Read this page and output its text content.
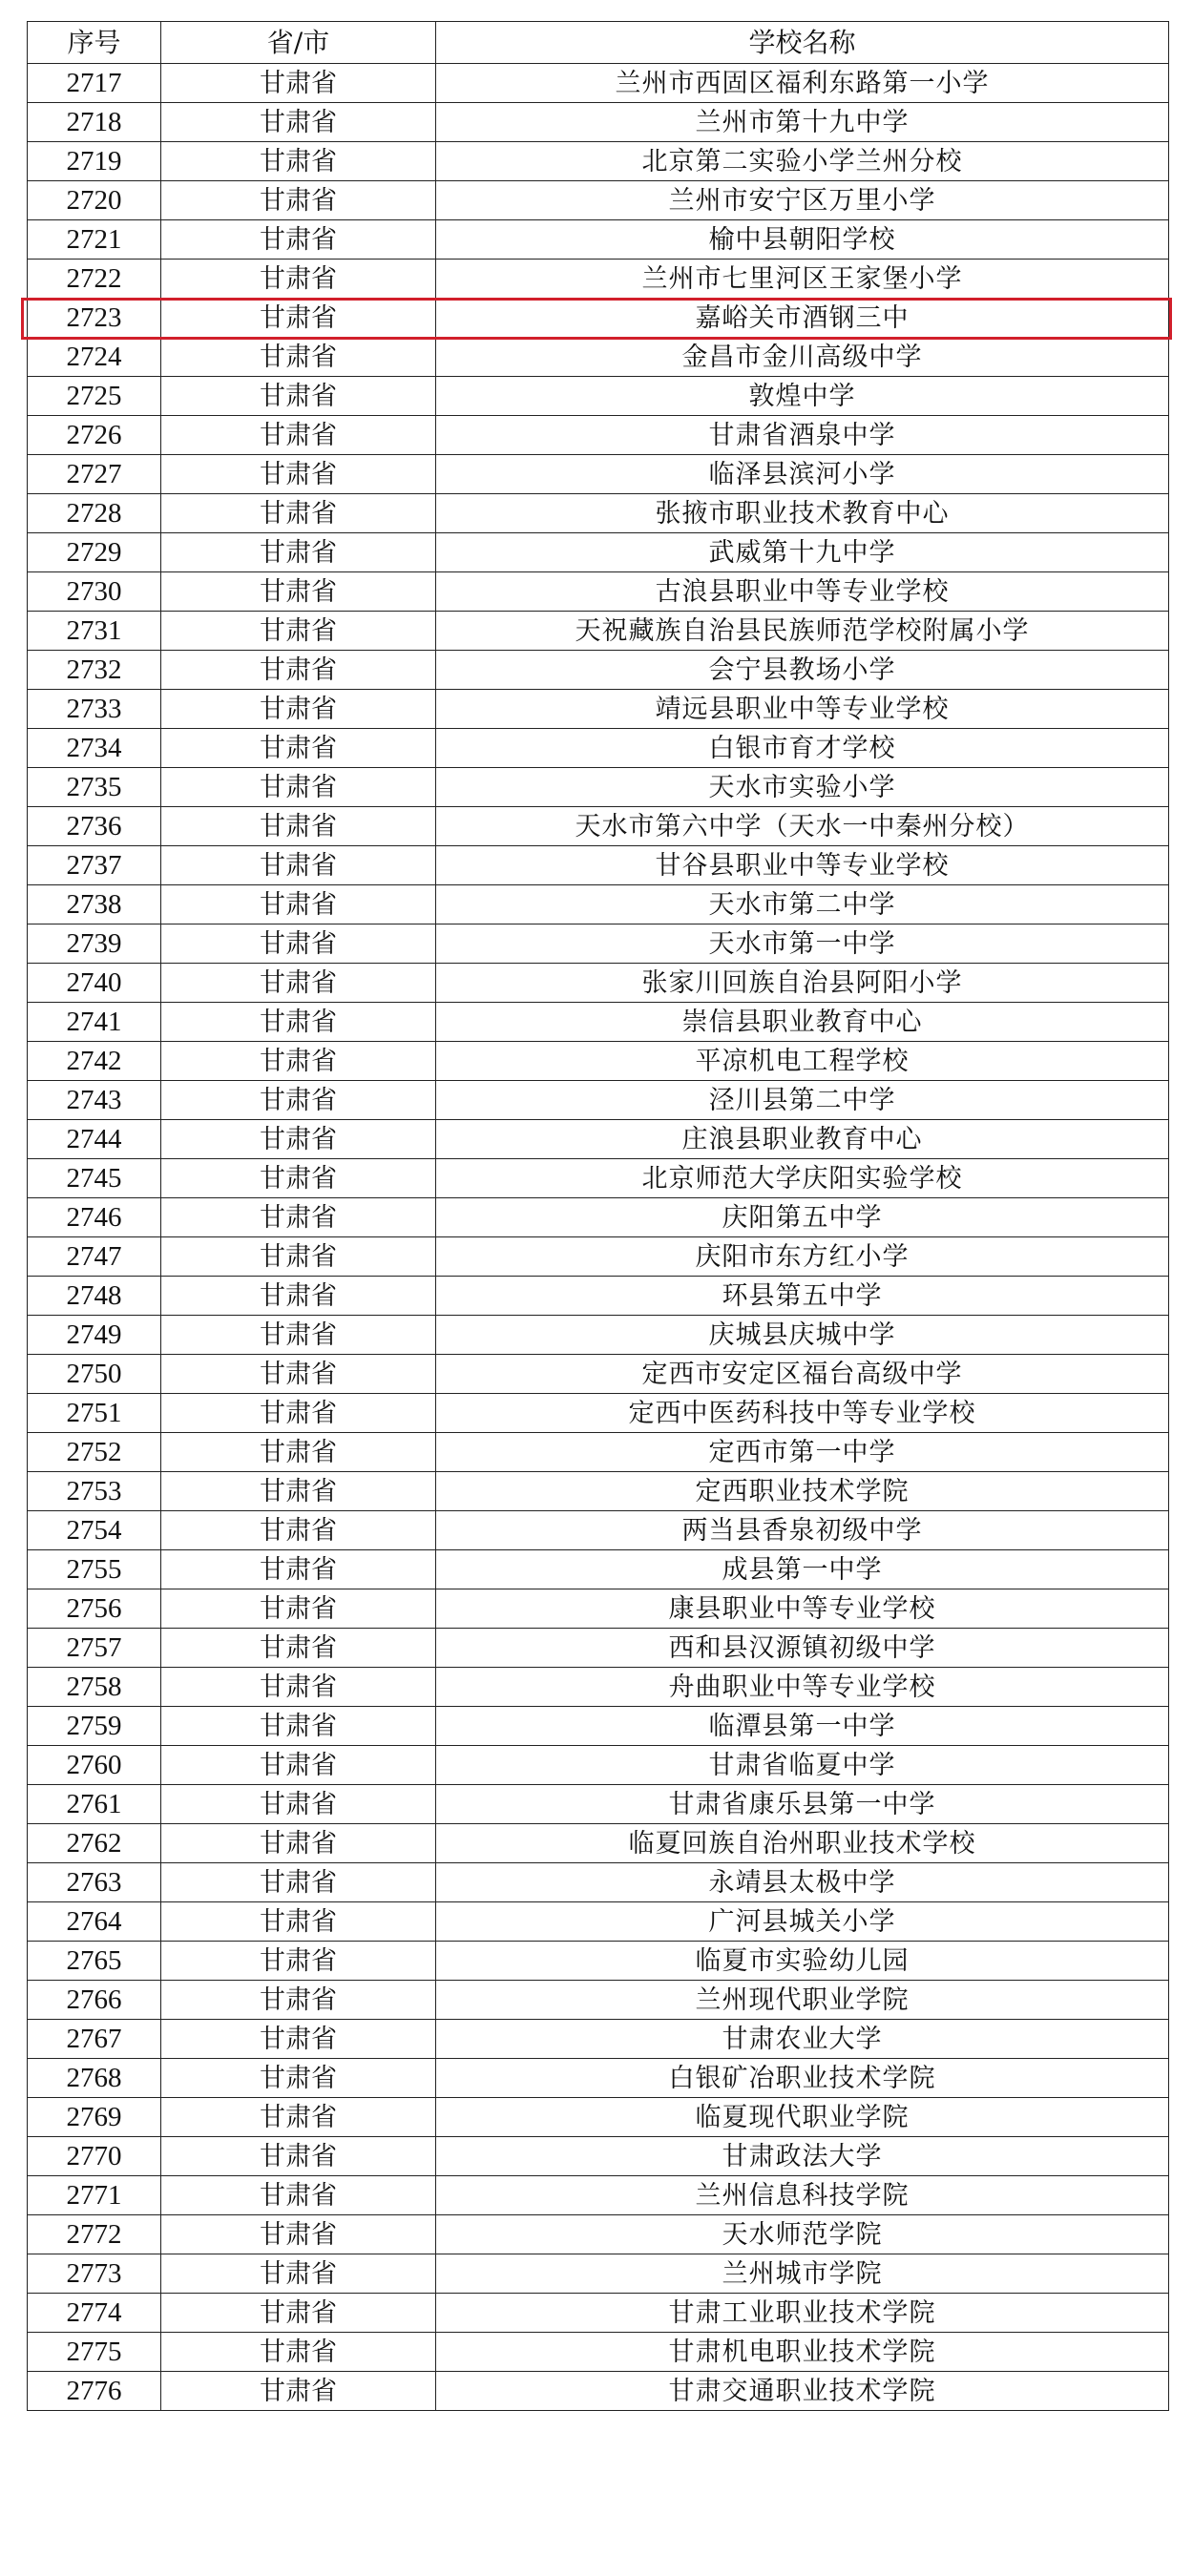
序号	省/市	学校名称
2717	甘肃省	兰州市西固区福利东路第一小学
2718	甘肃省	兰州市第十九中学
2719	甘肃省	北京第二实验小学兰州分校
2720	甘肃省	兰州市安宁区万里小学
2721	甘肃省	榆中县朝阳学校
2722	甘肃省	兰州市七里河区王家堡小学
2723	甘肃省	嘉峪关市酒钢三中
2724	甘肃省	金昌市金川高级中学
2725	甘肃省	敦煌中学
2726	甘肃省	甘肃省酒泉中学
2727	甘肃省	临泽县滨河小学
2728	甘肃省	张掖市职业技术教育中心
2729	甘肃省	武威第十九中学
2730	甘肃省	古浪县职业中等专业学校
2731	甘肃省	天祝藏族自治县民族师范学校附属小学
2732	甘肃省	会宁县教场小学
2733	甘肃省	靖远县职业中等专业学校
2734	甘肃省	白银市育才学校
2735	甘肃省	天水市实验小学
2736	甘肃省	天水市第六中学（天水一中秦州分校）
2737	甘肃省	甘谷县职业中等专业学校
2738	甘肃省	天水市第二中学
2739	甘肃省	天水市第一中学
2740	甘肃省	张家川回族自治县阿阳小学
2741	甘肃省	崇信县职业教育中心
2742	甘肃省	平凉机电工程学校
2743	甘肃省	泾川县第二中学
2744	甘肃省	庄浪县职业教育中心
2745	甘肃省	北京师范大学庆阳实验学校
2746	甘肃省	庆阳第五中学
2747	甘肃省	庆阳市东方红小学
2748	甘肃省	环县第五中学
2749	甘肃省	庆城县庆城中学
2750	甘肃省	定西市安定区福台高级中学
2751	甘肃省	定西中医药科技中等专业学校
2752	甘肃省	定西市第一中学
2753	甘肃省	定西职业技术学院
2754	甘肃省	两当县香泉初级中学
2755	甘肃省	成县第一中学
2756	甘肃省	康县职业中等专业学校
2757	甘肃省	西和县汉源镇初级中学
2758	甘肃省	舟曲职业中等专业学校
2759	甘肃省	临潭县第一中学
2760	甘肃省	甘肃省临夏中学
2761	甘肃省	甘肃省康乐县第一中学
2762	甘肃省	临夏回族自治州职业技术学校
2763	甘肃省	永靖县太极中学
2764	甘肃省	广河县城关小学
2765	甘肃省	临夏市实验幼儿园
2766	甘肃省	兰州现代职业学院
2767	甘肃省	甘肃农业大学
2768	甘肃省	白银矿冶职业技术学院
2769	甘肃省	临夏现代职业学院
2770	甘肃省	甘肃政法大学
2771	甘肃省	兰州信息科技学院
2772	甘肃省	天水师范学院
2773	甘肃省	兰州城市学院
2774	甘肃省	甘肃工业职业技术学院
2775	甘肃省	甘肃机电职业技术学院
2776	甘肃省	甘肃交通职业技术学院
